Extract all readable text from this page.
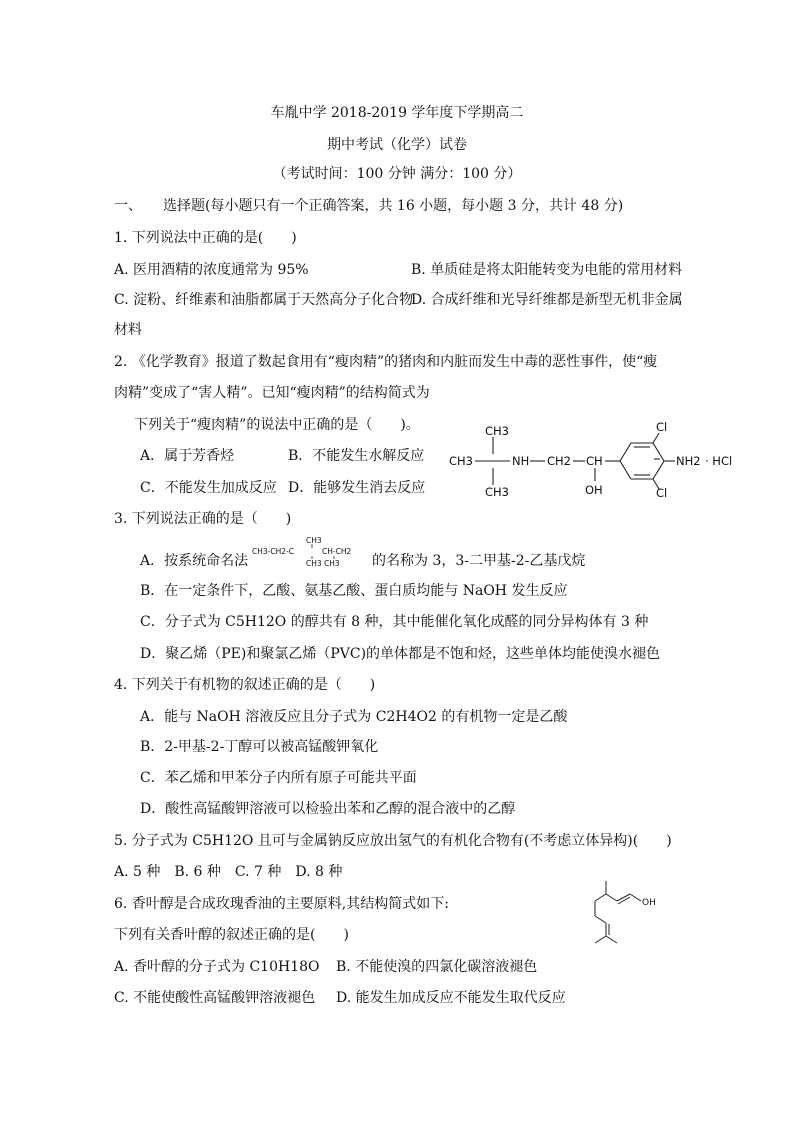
车胤中学 2018-2019 学年度下学期高二
期中考试（化学）试卷
（考试时间：100 分钟 满分：100 分）
一、　　选择题(每小题只有一个正确答案，共 16 小题，每小题 3 分，共计 48 分)
1. 下列说法中正确的是(　　)
A. 医用酒精的浓度通常为 95%	B. 单质硅是将太阳能转变为电能的常用材料
C. 淀粉、纤维素和油脂都属于天然高分子化合物
D. 合成纤维和光导纤维都是新型无机非金属
材料
2. 《化学教育》报道了数起食用有“瘦肉精”的猪肉和内脏而发生中毒的恶性事件，使“瘦
肉精”变成了“害人精”。已知“瘦肉精”的结构简式为
下列关于“瘦肉精”的说法中正确的是（　　)。
A．属于芳香烃	B．不能发生水解反应
C．不能发生加成反应 D．能够发生消去反应
CH3
CH3
CH3
NH CH2 CH
OH
Cl
Cl
NH2 · HCl
3. 下列说法正确的是（　　)
A．按系统命名法
CH3
CH3-CH2-C	CH-CH2
CH3 CH3 的名称为 3，3-二甲基-2-乙基戊烷
B．在一定条件下，乙酸、氨基乙酸、蛋白质均能与 NaOH 发生反应
C．分子式为 C5H12O 的醇共有 8 种，其中能催化氧化成醛的同分异构体有 3 种
D．聚乙烯（PE)和聚氯乙烯（PVC)的单体都是不饱和烃，这些单体均能使溴水褪色
4. 下列关于有机物的叙述正确的是（　　)
A．能与 NaOH 溶液反应且分子式为 C2H4O2 的有机物一定是乙酸
B．2-甲基-2-丁醇可以被高锰酸钾氧化
C．苯乙烯和甲苯分子内所有原子可能共平面
D．酸性高锰酸钾溶液可以检验出苯和乙醇的混合液中的乙醇
5. 分子式为 C5H12O 且可与金属钠反应放出氢气的有机化合物有(不考虑立体异构)(　　)
A. 5 种　B. 6 种　C. 7 种　D. 8 种
6. 香叶醇是合成玫瑰香油的主要原料,其结构简式如下:
下列有关香叶醇的叙述正确的是(　　)
OH
A. 香叶醇的分子式为 C10H18O B. 不能使溴的四氯化碳溶液褪色
C. 不能使酸性高锰酸钾溶液褪色 D. 能发生加成反应不能发生取代反应
